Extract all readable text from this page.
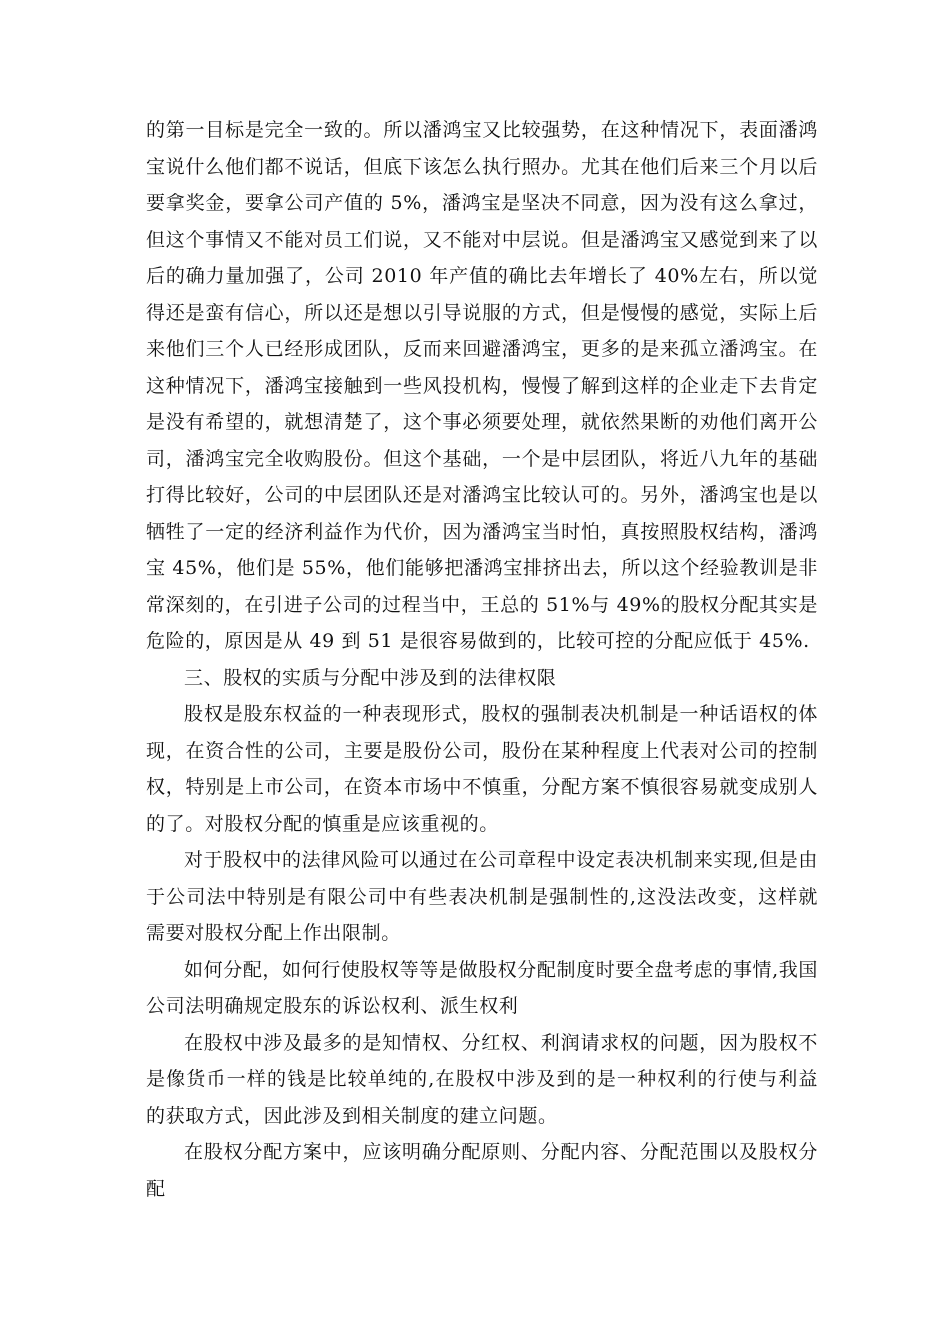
的第一目标是完全一致的。所以潘鸿宝又比较强势，在这种情况下，表面潘鸿宝说什么他们都不说话，但底下该怎么执行照办。尤其在他们后来三个月以后要拿奖金，要拿公司产值的 5%，潘鸿宝是坚决不同意，因为没有这么拿过，但这个事情又不能对员工们说，又不能对中层说。但是潘鸿宝又感觉到来了以后的确力量加强了，公司 2010 年产值的确比去年增长了 40%左右，所以觉得还是蛮有信心，所以还是想以引导说服的方式，但是慢慢的感觉，实际上后来他们三个人已经形成团队，反而来回避潘鸿宝，更多的是来孤立潘鸿宝。在这种情况下，潘鸿宝接触到一些风投机构，慢慢了解到这样的企业走下去肯定是没有希望的，就想清楚了，这个事必须要处理，就依然果断的劝他们离开公司，潘鸿宝完全收购股份。但这个基础，一个是中层团队，将近八九年的基础打得比较好，公司的中层团队还是对潘鸿宝比较认可的。另外，潘鸿宝也是以牺牲了一定的经济利益作为代价，因为潘鸿宝当时怕，真按照股权结构，潘鸿宝 45%，他们是 55%，他们能够把潘鸿宝排挤出去，所以这个经验教训是非常深刻的，在引进子公司的过程当中，王总的 51%与 49%的股权分配其实是危险的，原因是从 49 到 51 是很容易做到的，比较可控的分配应低于 45%.

三、股权的实质与分配中涉及到的法律权限

股权是股东权益的一种表现形式，股权的强制表决机制是一种话语权的体现，在资合性的公司，主要是股份公司，股份在某种程度上代表对公司的控制权，特别是上市公司，在资本市场中不慎重，分配方案不慎很容易就变成别人的了。对股权分配的慎重是应该重视的。

对于股权中的法律风险可以通过在公司章程中设定表决机制来实现,但是由于公司法中特别是有限公司中有些表决机制是强制性的,这没法改变，这样就需要对股权分配上作出限制。

如何分配，如何行使股权等等是做股权分配制度时要全盘考虑的事情,我国公司法明确规定股东的诉讼权利、派生权利

在股权中涉及最多的是知情权、分红权、利润请求权的问题，因为股权不是像货币一样的钱是比较单纯的,在股权中涉及到的是一种权利的行使与利益的获取方式，因此涉及到相关制度的建立问题。

在股权分配方案中，应该明确分配原则、分配内容、分配范围以及股权分配
